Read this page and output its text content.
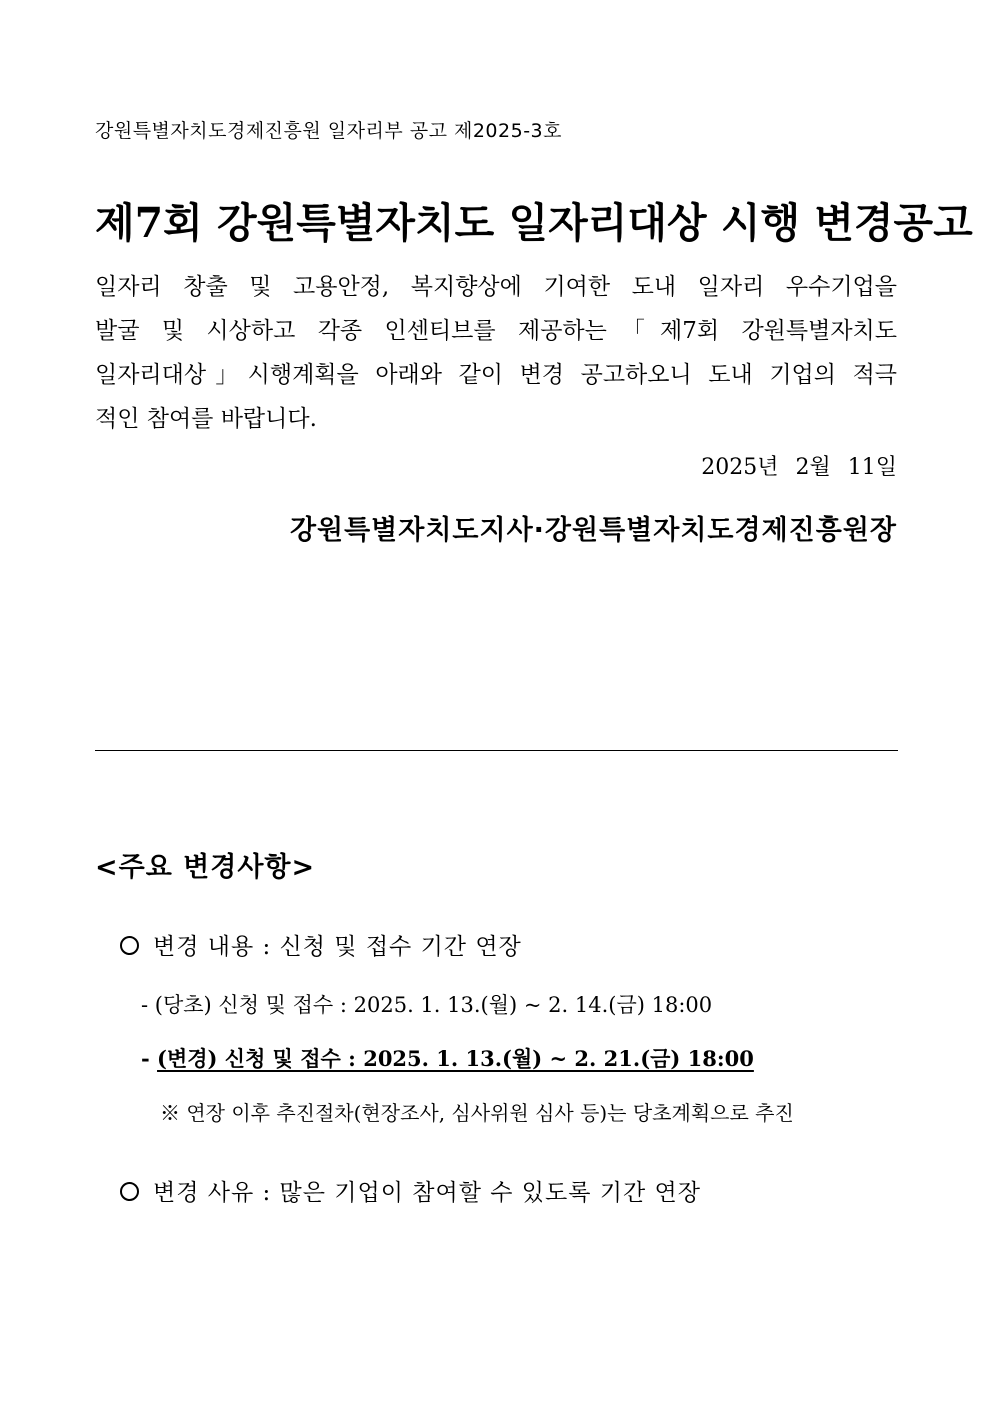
강원특별자치도경제진흥원 일자리부 공고 제2025-3호
제7회 강원특별자치도 일자리대상 시행 변경공고
일자리 창출 및 고용안정, 복지향상에 기여한 도내 일자리 우수기업을
발굴 및 시상하고 각종 인센티브를 제공하는「제7회 강원특별자치도
일자리대상」시행계획을 아래와 같이 변경 공고하오니 도내 기업의 적극
적인 참여를 바랍니다.
2025년 2월 11일
강원특별자치도지사·강원특별자치도경제진흥원장
<주요 변경사항>
변경 내용 : 신청 및 접수 기간 연장
- (당초) 신청 및 접수 : 2025. 1. 13.(월) ~ 2. 14.(금) 18:00
- (변경) 신청 및 접수 : 2025. 1. 13.(월) ~ 2. 21.(금) 18:00
※ 연장 이후 추진절차(현장조사, 심사위원 심사 등)는 당초계획으로 추진
변경 사유 : 많은 기업이 참여할 수 있도록 기간 연장
